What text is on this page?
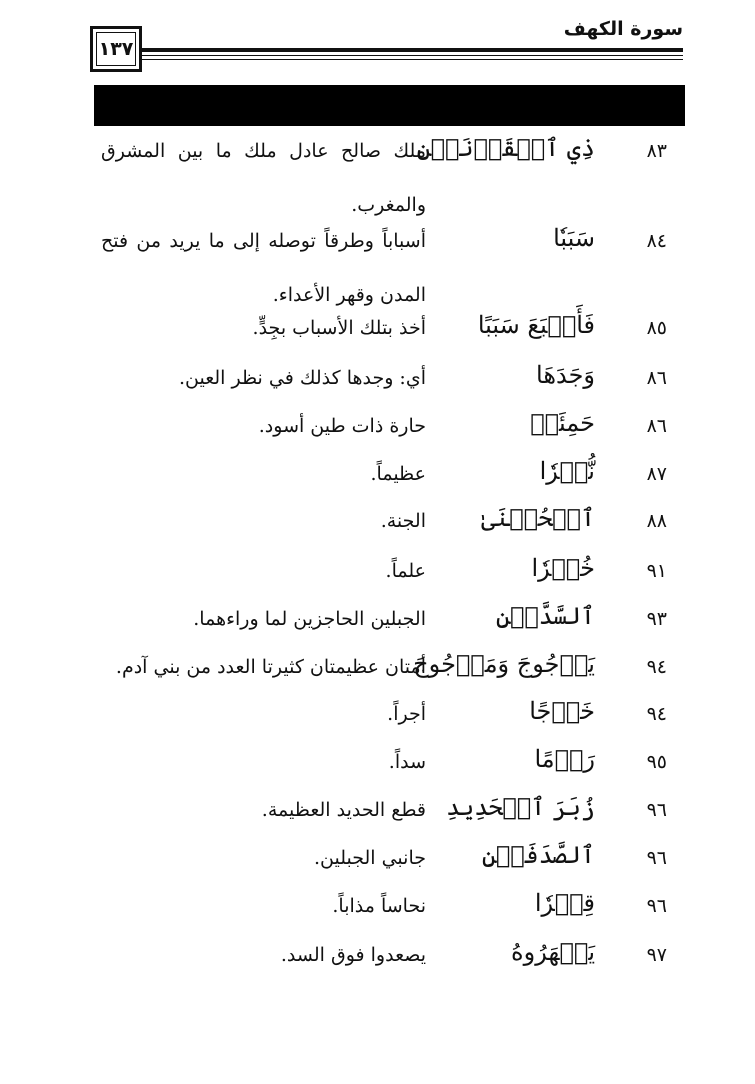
سورة الكهف
١٣٧
٨٣
ذِي ٱلۡقَرۡنَيۡنِ
ملك صالح عادل ملك ما بين المشرق والمغرب.
٨٤
سَبَبٗا
أسباباً وطرقاً توصله إلى ما يريد من فتح المدن وقهر الأعداء.
٨٥
فَأَتۡبَعَ سَبَبًا
أخذ بتلك الأسباب بجِدٍّ.
٨٦
وَجَدَهَا
أي: وجدها كذلك في نظر العين.
٨٦
حَمِئَةٖ
حارة ذات طين أسود.
٨٧
نُّكۡرٗا
عظيماً.
٨٨
ٱلۡحُسۡنَىٰ
الجنة.
٩١
خُبۡرٗا
علماً.
٩٣
ٱلسَّدَّيۡنِ
الجبلين الحاجزين لما وراءهما.
٩٤
يَأۡجُوجَ وَمَأۡجُوجَ
أمتان عظيمتان كثيرتا العدد من بني آدم.
٩٤
خَرۡجًا
أجراً.
٩٥
رَدۡمًا
سداً.
٩٦
زُبَرَ ٱلۡحَدِيدِ
قطع الحديد العظيمة.
٩٦
ٱلصَّدَفَيۡنِ
جانبي الجبلين.
٩٦
قِطۡرٗا
نحاساً مذاباً.
٩٧
يَظۡهَرُوهُ
يصعدوا فوق السد.
